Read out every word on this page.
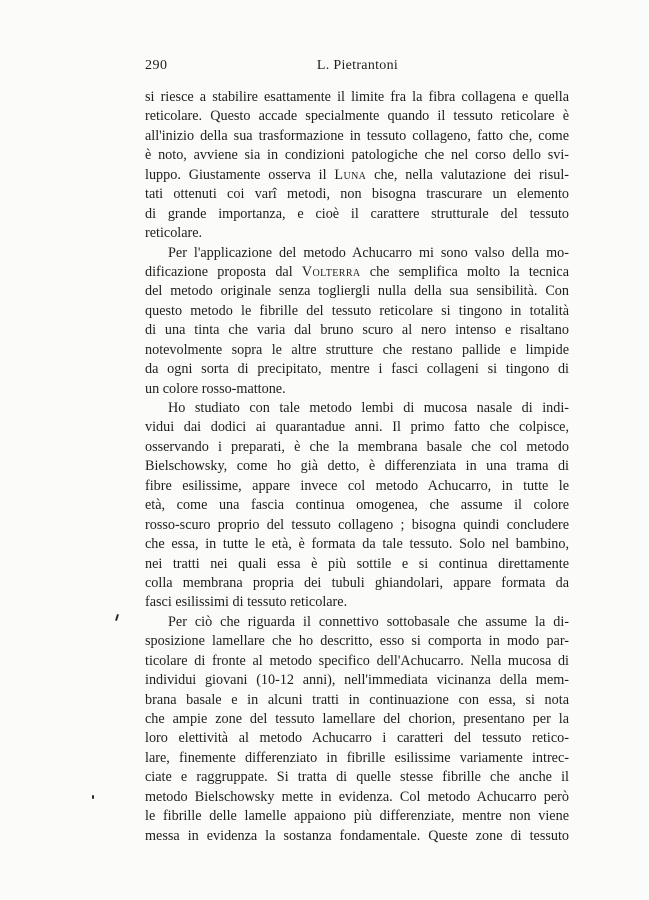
290	L. Pietrantoni

si riesce a stabilire esattamente il limite fra la fibra collagena e quella
reticolare. Questo accade specialmente quando il tessuto reticolare è
all'inizio della sua trasformazione in tessuto collageno, fatto che, come
è noto, avviene sia in condizioni patologiche che nel corso dello svi-
luppo. Giustamente osserva il Luna che, nella valutazione dei risul-
tati ottenuti coi varî metodi, non bisogna trascurare un elemento
di grande importanza, e cioè il carattere strutturale del tessuto
reticolare.

Per l'applicazione del metodo Achucarro mi sono valso della mo-
dificazione proposta dal Volterra che semplifica molto la tecnica
del metodo originale senza togliergli nulla della sua sensibilità. Con
questo metodo le fibrille del tessuto reticolare si tingono in totalità
di una tinta che varia dal bruno scuro al nero intenso e risaltano
notevolmente sopra le altre strutture che restano pallide e limpide
da ogni sorta di precipitato, mentre i fasci collageni si tingono di
un colore rosso-mattone.

Ho studiato con tale metodo lembi di mucosa nasale di indi-
vidui dai dodici ai quarantadue anni. Il primo fatto che colpisce,
osservando i preparati, è che la membrana basale che col metodo
Bielschowsky, come ho già detto, è differenziata in una trama di
fibre esilissime, appare invece col metodo Achucarro, in tutte le
età, come una fascia continua omogenea, che assume il colore
rosso-scuro proprio del tessuto collageno ; bisogna quindi concludere
che essa, in tutte le età, è formata da tale tessuto. Solo nel bambino,
nei tratti nei quali essa è più sottile e si continua direttamente
colla membrana propria dei tubuli ghiandolari, appare formata da
fasci esilissimi di tessuto reticolare.

Per ciò che riguarda il connettivo sottobasale che assume la di-
sposizione lamellare che ho descritto, esso si comporta in modo par-
ticolare di fronte al metodo specifico dell'Achucarro. Nella mucosa di
individui giovani (10-12 anni), nell'immediata vicinanza della mem-
brana basale e in alcuni tratti in continuazione con essa, si nota
che ampie zone del tessuto lamellare del chorion, presentano per la
loro elettività al metodo Achucarro i caratteri del tessuto retico-
lare, finemente differenziato in fibrille esilissime variamente intrec-
ciate e raggruppate. Si tratta di quelle stesse fibrille che anche il
metodo Bielschowsky mette in evidenza. Col metodo Achucarro però
le fibrille delle lamelle appaiono più differenziate, mentre non viene
messa in evidenza la sostanza fondamentale. Queste zone di tessuto
